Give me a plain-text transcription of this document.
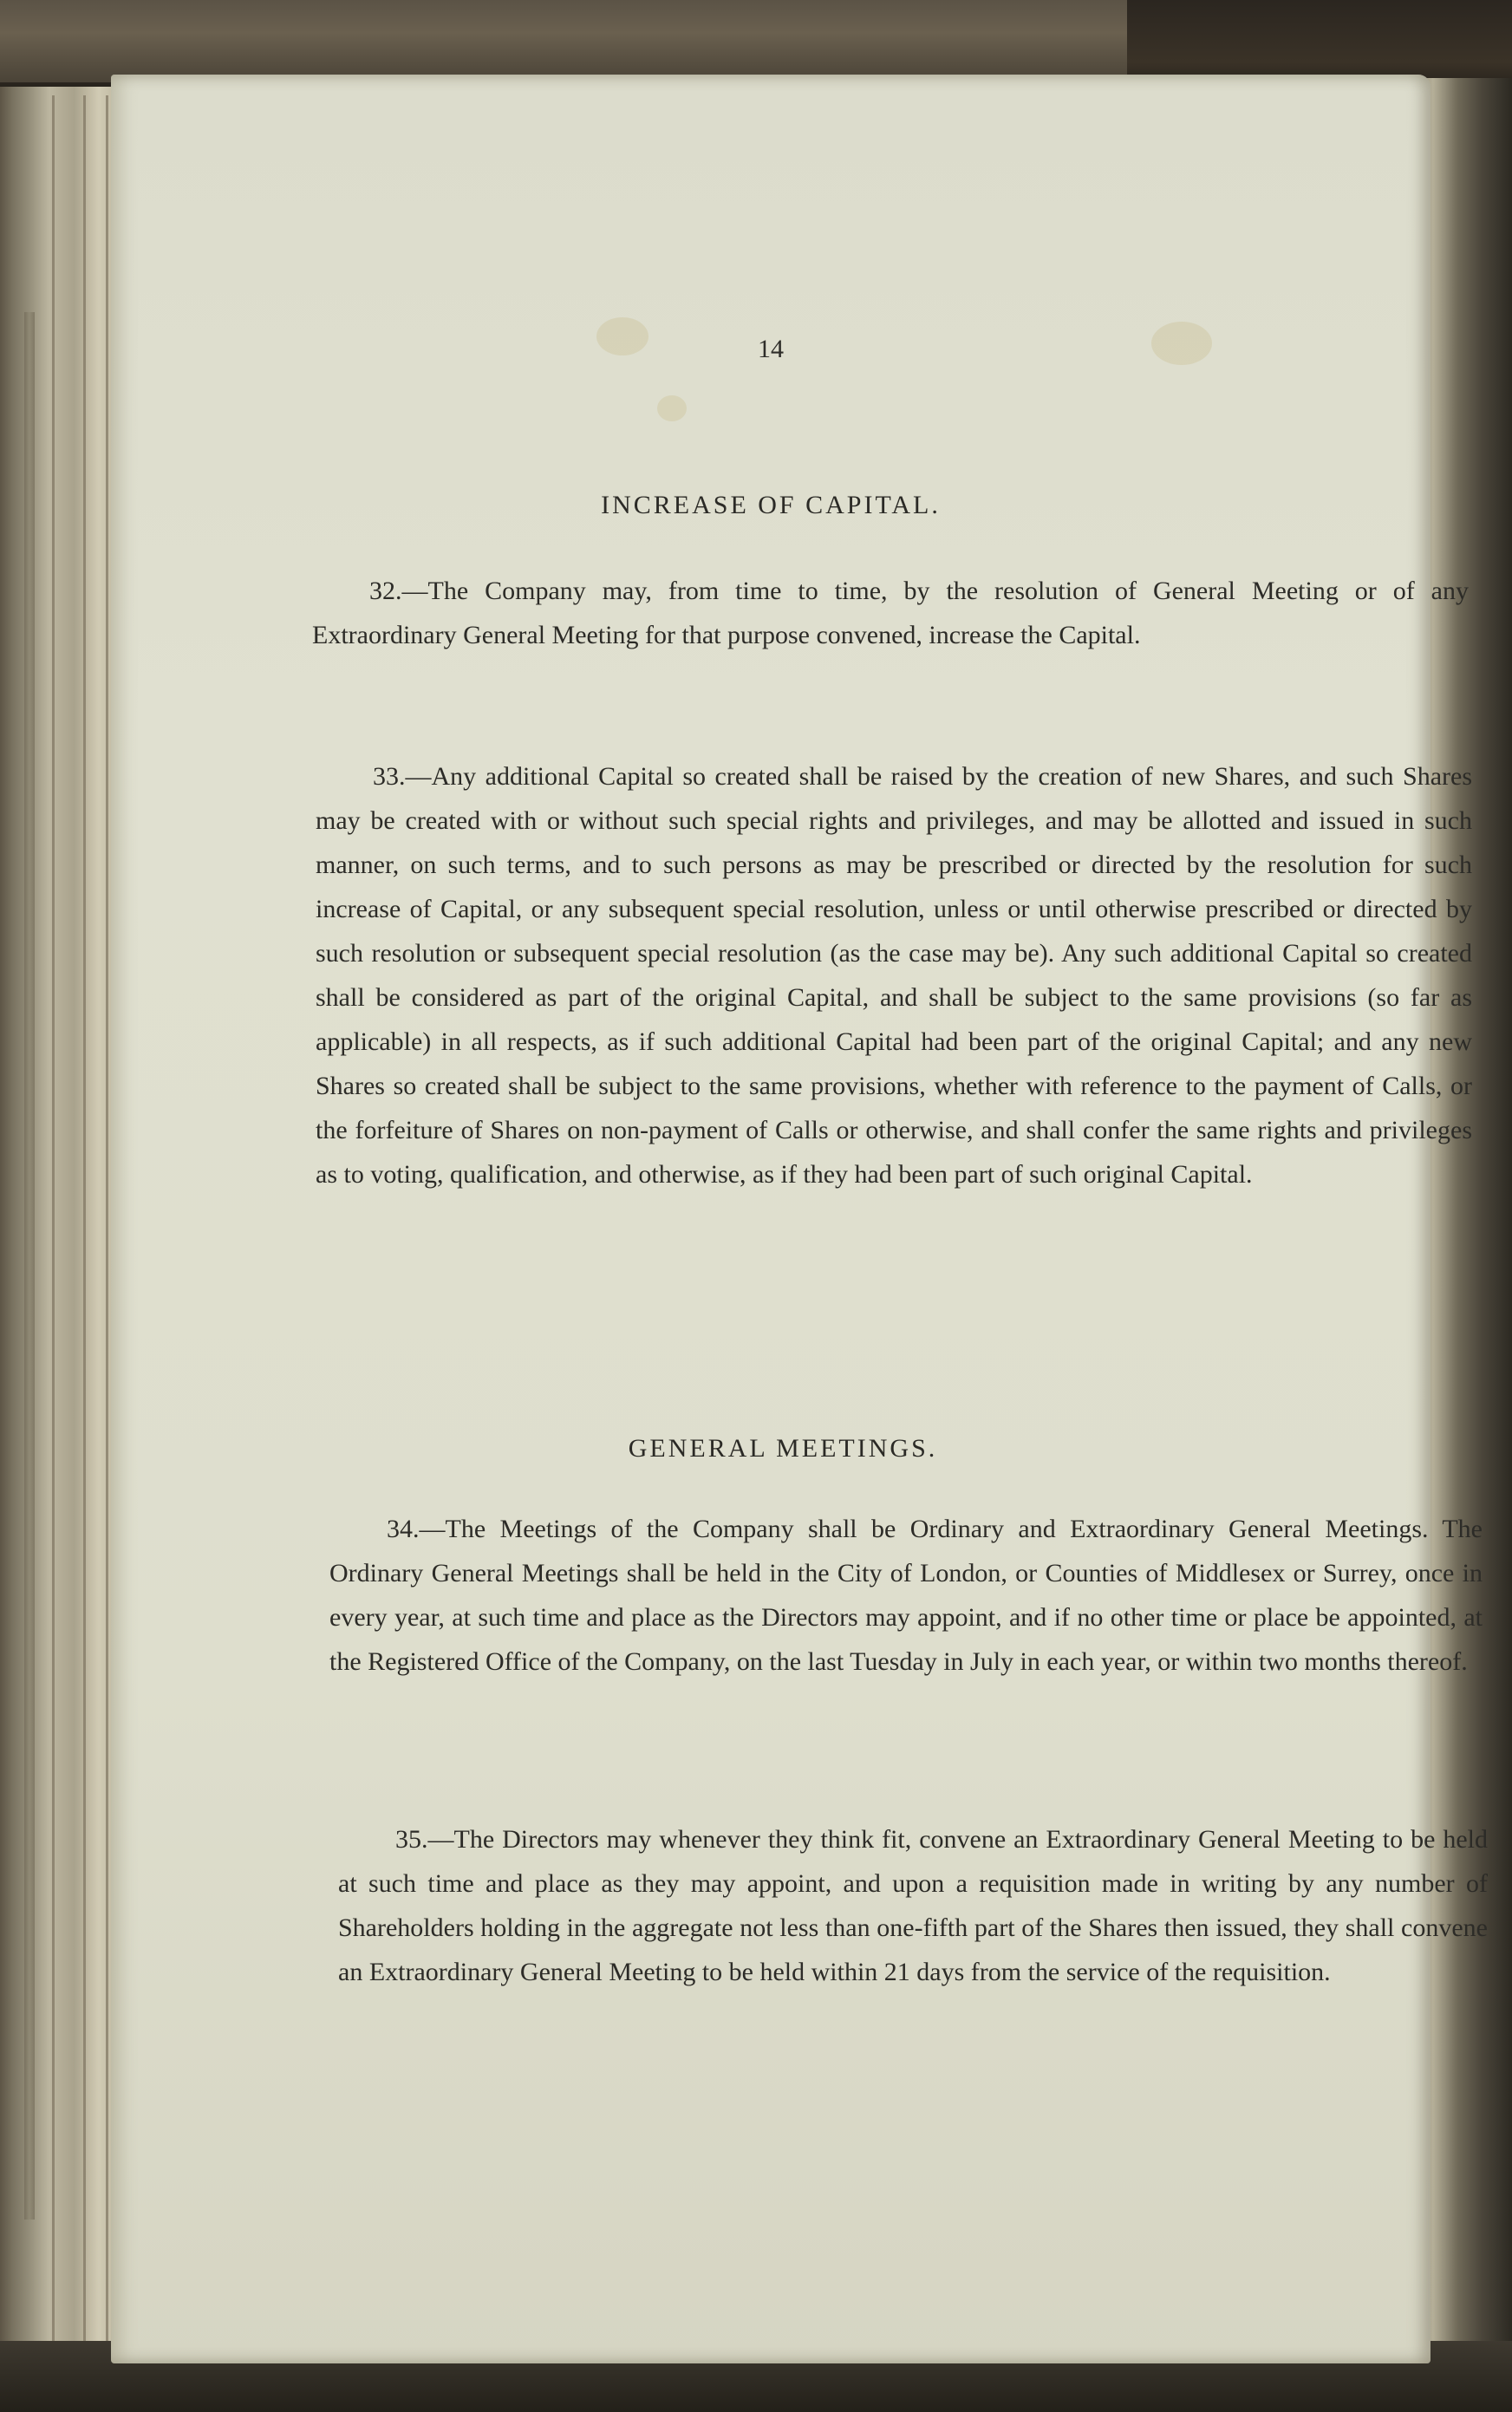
14
INCREASE OF CAPITAL.

32.—The Company may, from time to time, by the resolution of General Meeting or of any Extraordinary General Meeting for that purpose convened, increase the Capital.

33.—Any additional Capital so created shall be raised by the creation of new Shares, and such Shares may be created with or without such special rights and privileges, and may be allotted and issued in such manner, on such terms, and to such persons as may be prescribed or directed by the resolution for such increase of Capital, or any subsequent special resolution, unless or until otherwise prescribed or directed by such resolution or subsequent special resolution (as the case may be). Any such additional Capital so created shall be considered as part of the original Capital, and shall be subject to the same provisions (so far as applicable) in all respects, as if such additional Capital had been part of the original Capital; and any new Shares so created shall be subject to the same provisions, whether with reference to the payment of Calls, or the forfeiture of Shares on non-payment of Calls or otherwise, and shall confer the same rights and privileges as to voting, qualification, and otherwise, as if they had been part of such original Capital.

GENERAL MEETINGS.

34.—The Meetings of the Company shall be Ordinary and Extraordinary General Meetings. The Ordinary General Meetings shall be held in the City of London, or Counties of Middlesex or Surrey, once in every year, at such time and place as the Directors may appoint, and if no other time or place be appointed, at the Registered Office of the Company, on the last Tuesday in July in each year, or within two months thereof.

35.—The Directors may whenever they think fit, convene an Extraordinary General Meeting to be held at such time and place as they may appoint, and upon a requisition made in writing by any number of Shareholders holding in the aggregate not less than one-fifth part of the Shares then issued, they shall convene an Extraordinary General Meeting to be held within 21 days from the service of the requisition.
